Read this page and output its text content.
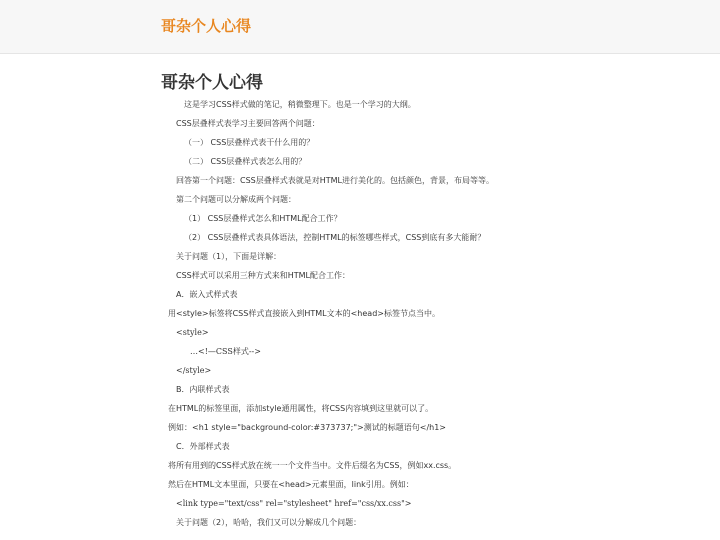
哥杂个人心得
哥杂个人心得

这是学习CSS样式做的笔记，稍微整理下。也是一个学习的大纲。

CSS层叠样式表学习主要回答两个问题：

（一） CSS层叠样式表干什么用的？

（二） CSS层叠样式表怎么用的？

回答第一个问题：CSS层叠样式表就是对HTML进行美化的。包括颜色，背景，布局等等。

第二个问题可以分解成两个问题：

（1） CSS层叠样式怎么和HTML配合工作？

（2） CSS层叠样式表具体语法，控制HTML的标签哪些样式，CSS到底有多大能耐？

关于问题（1），下面是详解：

CSS样式可以采用三种方式来和HTML配合工作：

A．嵌入式样式表

用<style>标签将CSS样式直接嵌入到HTML文本的<head>标签节点当中。

<style>

…<!—CSS样式-->

</style>

B．内联样式表

在HTML的标签里面，添加style通用属性，将CSS内容填到这里就可以了。

例如：<h1 style="background-color:#373737;">测试的标题语句</h1>

C．外部样式表

将所有用到的CSS样式放在统一一个文件当中。文件后缀名为CSS，例如xx.css。

然后在HTML文本里面，只要在<head>元素里面，link引用。例如：

<link type="text/css" rel="stylesheet" href="css/xx.css">

关于问题（2），哈哈，我们又可以分解成几个问题：
